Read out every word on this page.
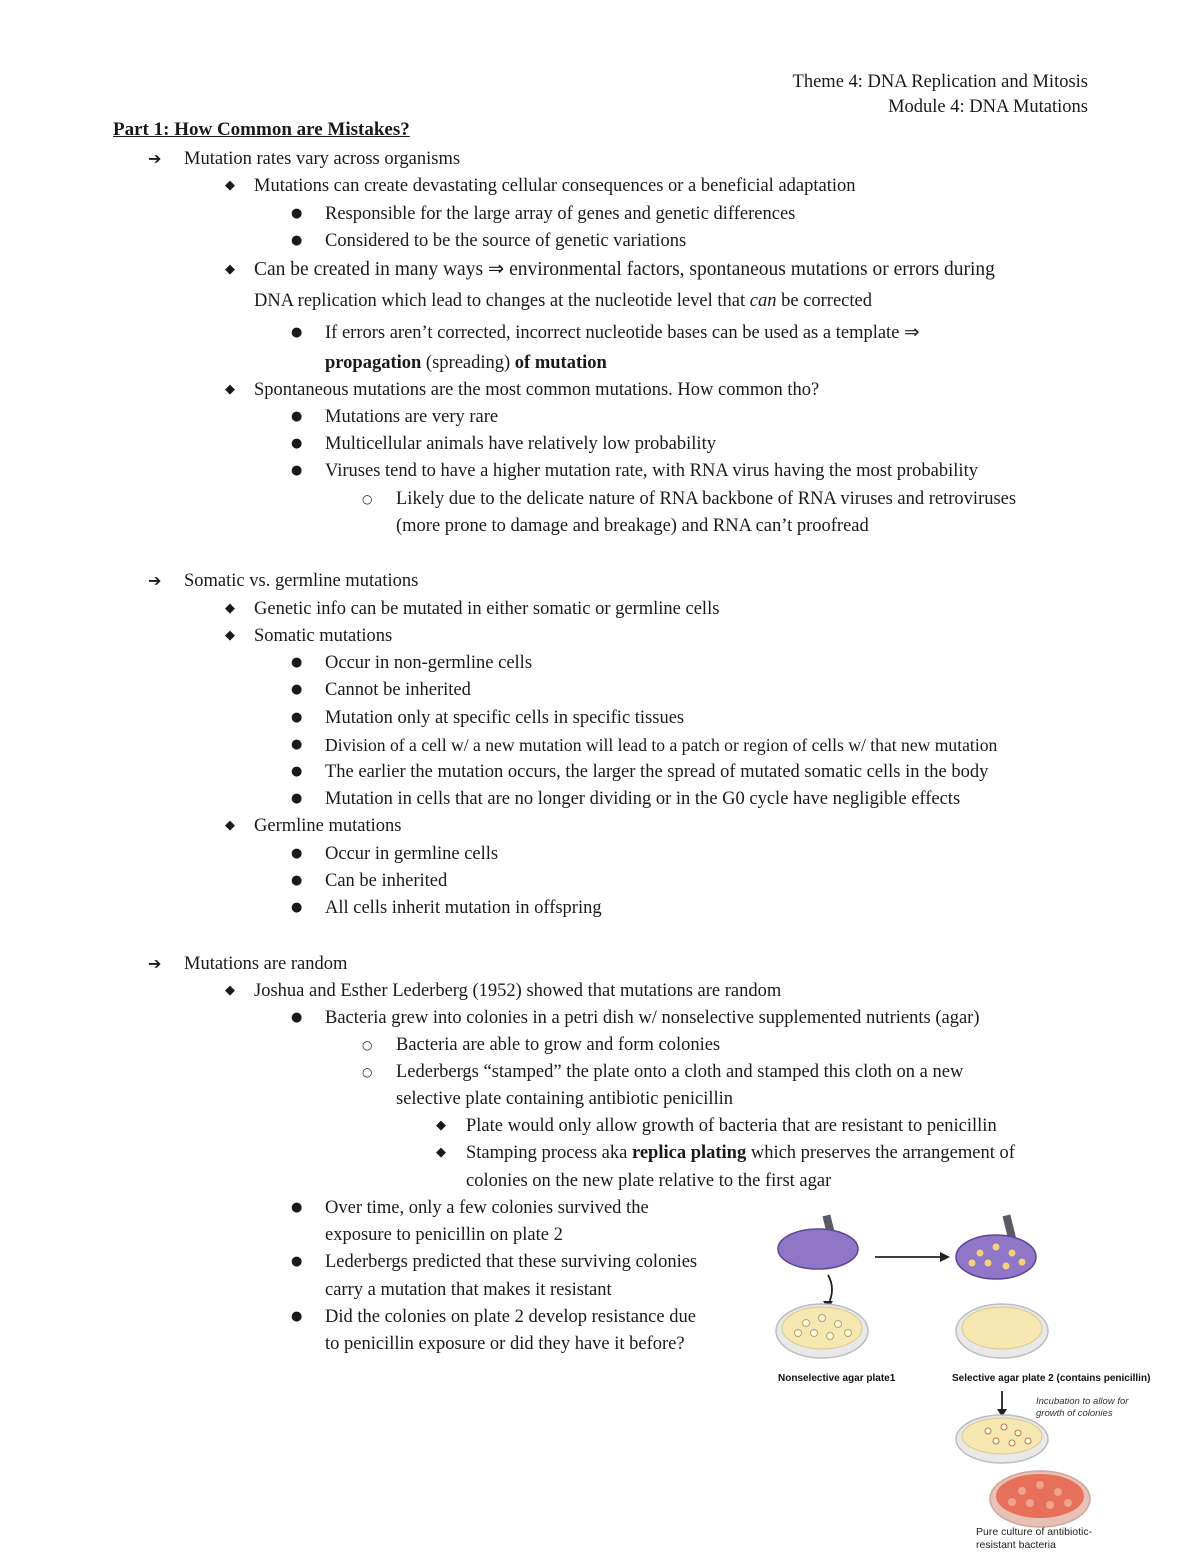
Theme 4: DNA Replication and Mitosis
Module 4: DNA Mutations
Part 1: How Common are Mistakes?
➔ Mutation rates vary across organisms
◆ Mutations can create devastating cellular consequences or a beneficial adaptation
● Responsible for the large array of genes and genetic differences
● Considered to be the source of genetic variations
◆ Can be created in many ways ⇒ environmental factors, spontaneous mutations or errors during
DNA replication which lead to changes at the nucleotide level that can be corrected
● If errors aren’t corrected, incorrect nucleotide bases can be used as a template ⇒
propagation (spreading) of mutation
◆ Spontaneous mutations are the most common mutations. How common tho?
● Mutations are very rare
● Multicellular animals have relatively low probability
● Viruses tend to have a higher mutation rate, with RNA virus having the most probability
○ Likely due to the delicate nature of RNA backbone of RNA viruses and retroviruses
(more prone to damage and breakage) and RNA can’t proofread
➔ Somatic vs. germline mutations
◆ Genetic info can be mutated in either somatic or germline cells
◆ Somatic mutations
● Occur in non-germline cells
● Cannot be inherited
● Mutation only at specific cells in specific tissues
● Division of a cell w/ a new mutation will lead to a patch or region of cells w/ that new mutation
● The earlier the mutation occurs, the larger the spread of mutated somatic cells in the body
● Mutation in cells that are no longer dividing or in the G0 cycle have negligible effects
◆ Germline mutations
● Occur in germline cells
● Can be inherited
● All cells inherit mutation in offspring
➔ Mutations are random
◆ Joshua and Esther Lederberg (1952) showed that mutations are random
● Bacteria grew into colonies in a petri dish w/ nonselective supplemented nutrients (agar)
○ Bacteria are able to grow and form colonies
○ Lederbergs “stamped” the plate onto a cloth and stamped this cloth on a new
selective plate containing antibiotic penicillin
◆ Plate would only allow growth of bacteria that are resistant to penicillin
◆ Stamping process aka replica plating which preserves the arrangement of
colonies on the new plate relative to the first agar
● Over time, only a few colonies survived the
exposure to penicillin on plate 2
● Lederbergs predicted that these surviving colonies
carry a mutation that makes it resistant
● Did the colonies on plate 2 develop resistance due
to penicillin exposure or did they have it before?
Nonselective agar plate1	Selective agar plate 2 (contains penicillin)
Incubation to allow for
growth of colonies
Pure culture of antibiotic-
resistant bacteria
